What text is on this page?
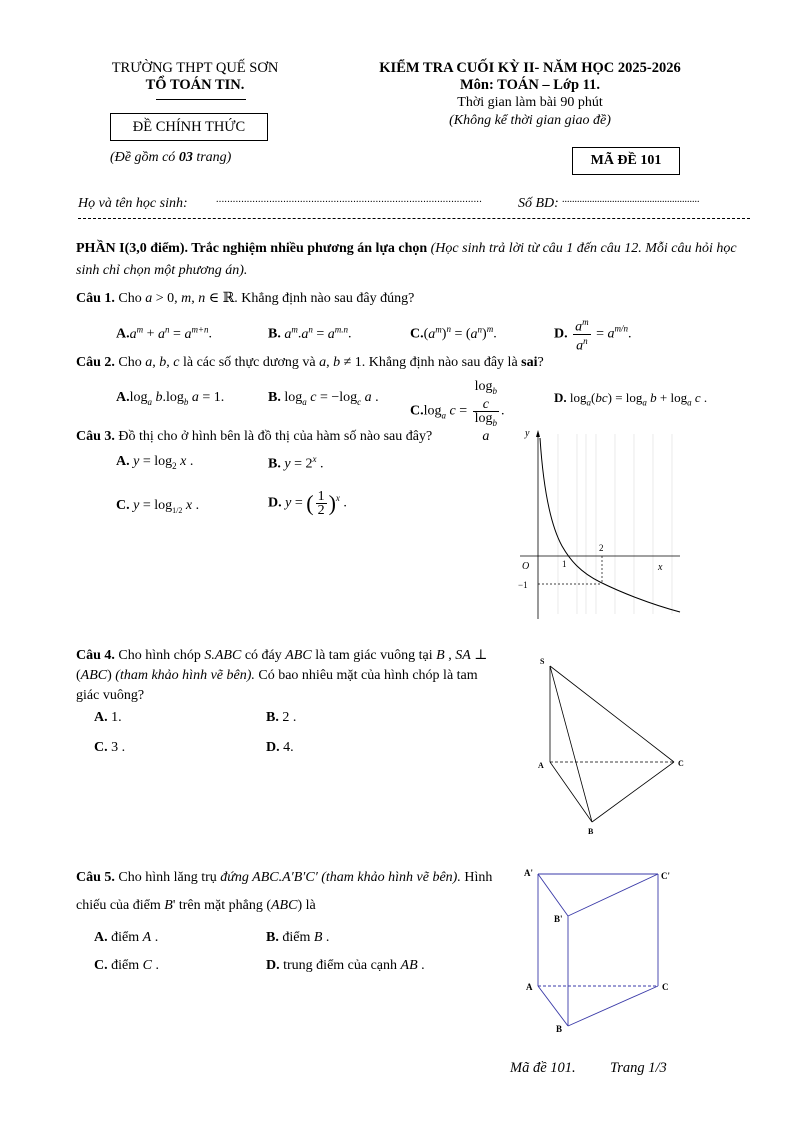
TRƯỜNG THPT QUẾ SƠN
TỔ TOÁN TIN.
ĐỀ CHÍNH THỨC
(Đề gồm có 03 trang)
KIỂM TRA CUỐI KỲ II- NĂM HỌC 2025-2026
Môn: TOÁN – Lớp 11.
Thời gian làm bài 90 phút
(Không kể thời gian giao đề)
MÃ ĐỀ 101
Họ và tên học sinh:	...............................................................................................	Số BD: .......................................................
PHẦN I(3,0 điểm). Trắc nghiệm nhiều phương án lựa chọn (Học sinh trả lời từ câu 1 đến câu 12. Mỗi câu hỏi học sinh chỉ chọn một phương án).
Câu 1. Cho a > 0, m, n ∈ ℝ. Khẳng định nào sau đây đúng?
$A.a^m + a^n = a^{m+n}$.	B. $a^m.a^n = a^{m.n}$.	$C.(a^m)^n = (a^n)^m$.	D. $\frac{a^m}{a^n} = a^{m/n}$.
Câu 2. Cho a, b, c là các số thực dương và a, b ≠ 1. Khẳng định nào sau đây là sai?
$A.\log_a$ $b.\log_b$ a = 1.	B. $\log_a c = -\log_c$ a .
$C.\log_a$ $c = \log_b$
c
$\log_b$
a .
D. $\log_a(bc) = \log_a b + \log_a c$ .
Câu 3. Đồ thị cho ở hình bên là đồ thị của hàm số nào sau đây?
A. $y = \log_2 x$ .	B. $y = 2^x$ .
C. $y = \log_{1/2} x$ .	D. y = ( $\frac{1}{2} )^x$ .
y
x
O	1
2
−1
Câu 4. Cho hình chóp S.ABC có đáy ABC là tam giác vuông tại B , SA ⊥ (ABC) (tham khảo hình vẽ bên). Có bao nhiêu mặt của hình chóp là tam giác vuông?
A. 1.	B. 2 .
C. 3 .	D. 4.
S
A
B
C
Câu 5. Cho hình lăng trụ đứng ABC.A′B′C′ (tham khảo hình vẽ bên). Hình chiếu của điểm B' trên mặt phẳng (ABC) là
A. điểm A .	B. điểm B .
C. điểm C .	D. trung điểm của cạnh AB .
A'	C'
B'
A	C
B
Mã đề 101. Trang 1/3
